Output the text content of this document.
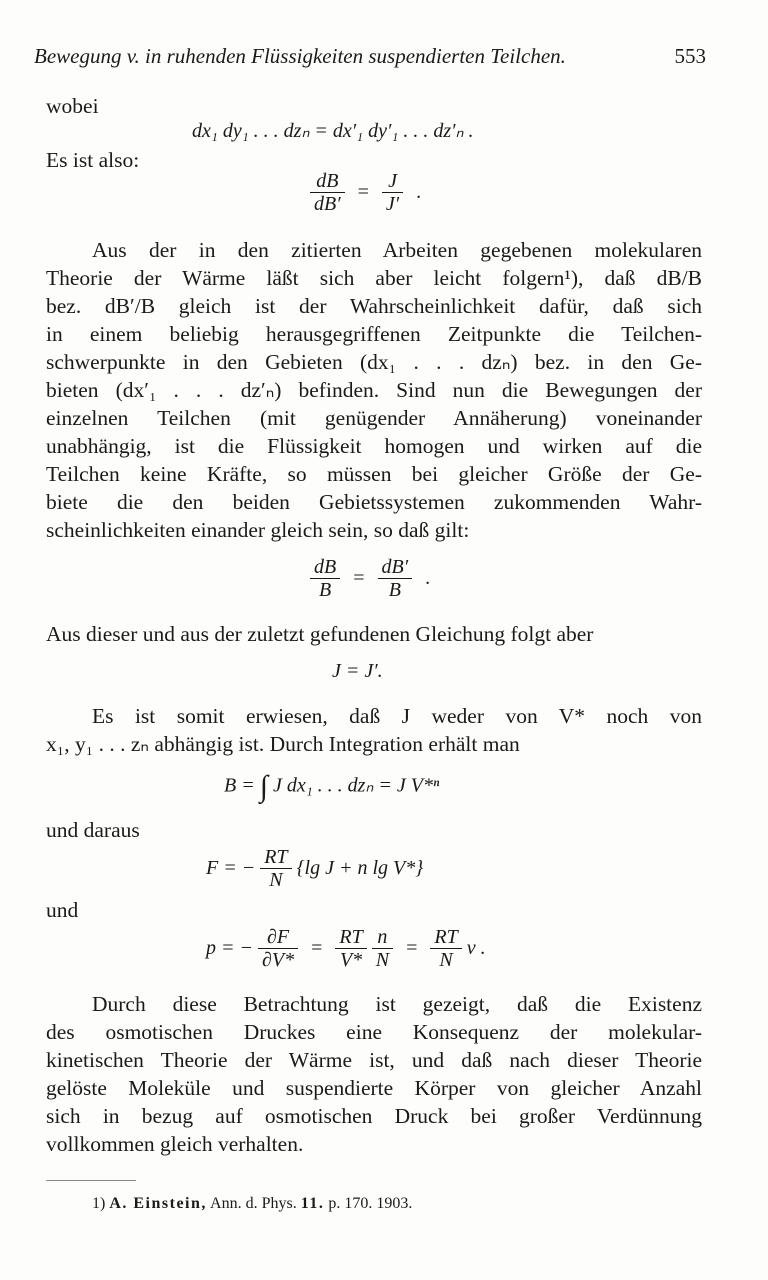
Bewegung v. in ruhenden Flüssigkeiten suspendierten Teilchen.	553
wobei
dx₁ dy₁ . . . dzₙ = dx′₁ dy′₁ . . . dz′ₙ .
Es ist also:
$\frac{dB}{dB'} = \frac{J}{J'}$ .
Aus der in den zitierten Arbeiten gegebenen molekularen
Theorie der Wärme läßt sich aber leicht folgern¹), daß dB/B
bez. dB′/B gleich ist der Wahrscheinlichkeit dafür, daß sich
in einem beliebig herausgegriffenen Zeitpunkte die Teilchen-
schwerpunkte in den Gebieten (dx₁ . . . dzₙ) bez. in den Ge-
bieten (dx′₁ . . . dz′ₙ) befinden. Sind nun die Bewegungen der
einzelnen Teilchen (mit genügender Annäherung) voneinander
unabhängig, ist die Flüssigkeit homogen und wirken auf die
Teilchen keine Kräfte, so müssen bei gleicher Größe der Ge-
biete die den beiden Gebietssystemen zukommenden Wahr-
scheinlichkeiten einander gleich sein, so daß gilt:
$\frac{dB}{B} = \frac{dB'}{B}$ .
Aus dieser und aus der zuletzt gefundenen Gleichung folgt aber
J = J′.
Es ist somit erwiesen, daß J weder von V* noch von
x₁, y₁ . . . zₙ abhängig ist. Durch Integration erhält man
B = ∫ J dx₁ . . . dzₙ = J V*ⁿ
und daraus
F = − $\frac{RT}{N} \{\lg$ J + n lg V*}
und
p = − $\frac{\partial F}{\partial V*} = \frac{RT}{V*}$
$\frac{n}{N} = \frac{RT}{N}$ ν .
Durch diese Betrachtung ist gezeigt, daß die Existenz
des osmotischen Druckes eine Konsequenz der molekular-
kinetischen Theorie der Wärme ist, und daß nach dieser Theorie
gelöste Moleküle und suspendierte Körper von gleicher Anzahl
sich in bezug auf osmotischen Druck bei großer Verdünnung
vollkommen gleich verhalten.
1) A. Einstein, Ann. d. Phys. 11. p. 170. 1903.
